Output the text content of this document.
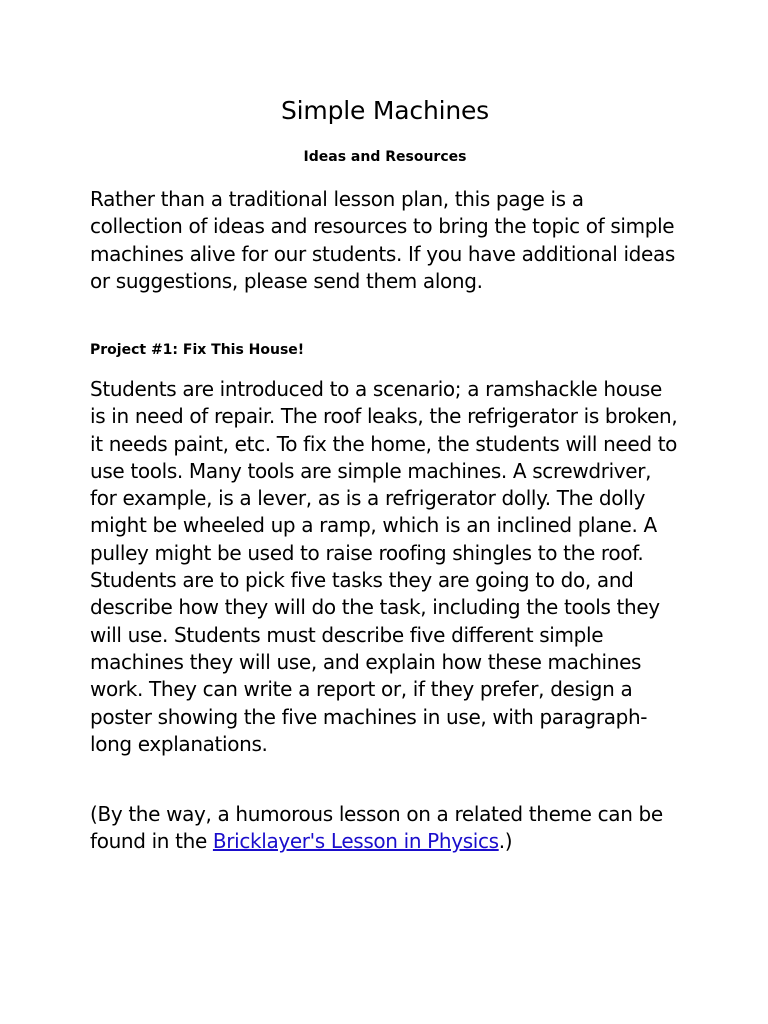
Simple Machines
Ideas and Resources

Rather than a traditional lesson plan, this page is a collection of ideas and resources to bring the topic of simple machines alive for our students. If you have additional ideas or suggestions, please send them along.

Project #1: Fix This House!

Students are introduced to a scenario; a ramshackle house is in need of repair. The roof leaks, the refrigerator is broken, it needs paint, etc. To fix the home, the students will need to use tools. Many tools are simple machines. A screwdriver, for example, is a lever, as is a refrigerator dolly. The dolly might be wheeled up a ramp, which is an inclined plane. A pulley might be used to raise roofing shingles to the roof. Students are to pick five tasks they are going to do, and describe how they will do the task, including the tools they will use. Students must describe five different simple machines they will use, and explain how these machines work. They can write a report or, if they prefer, design a poster showing the five machines in use, with paragraph-long explanations.

(By the way, a humorous lesson on a related theme can be found in the Bricklayer's Lesson in Physics.)
